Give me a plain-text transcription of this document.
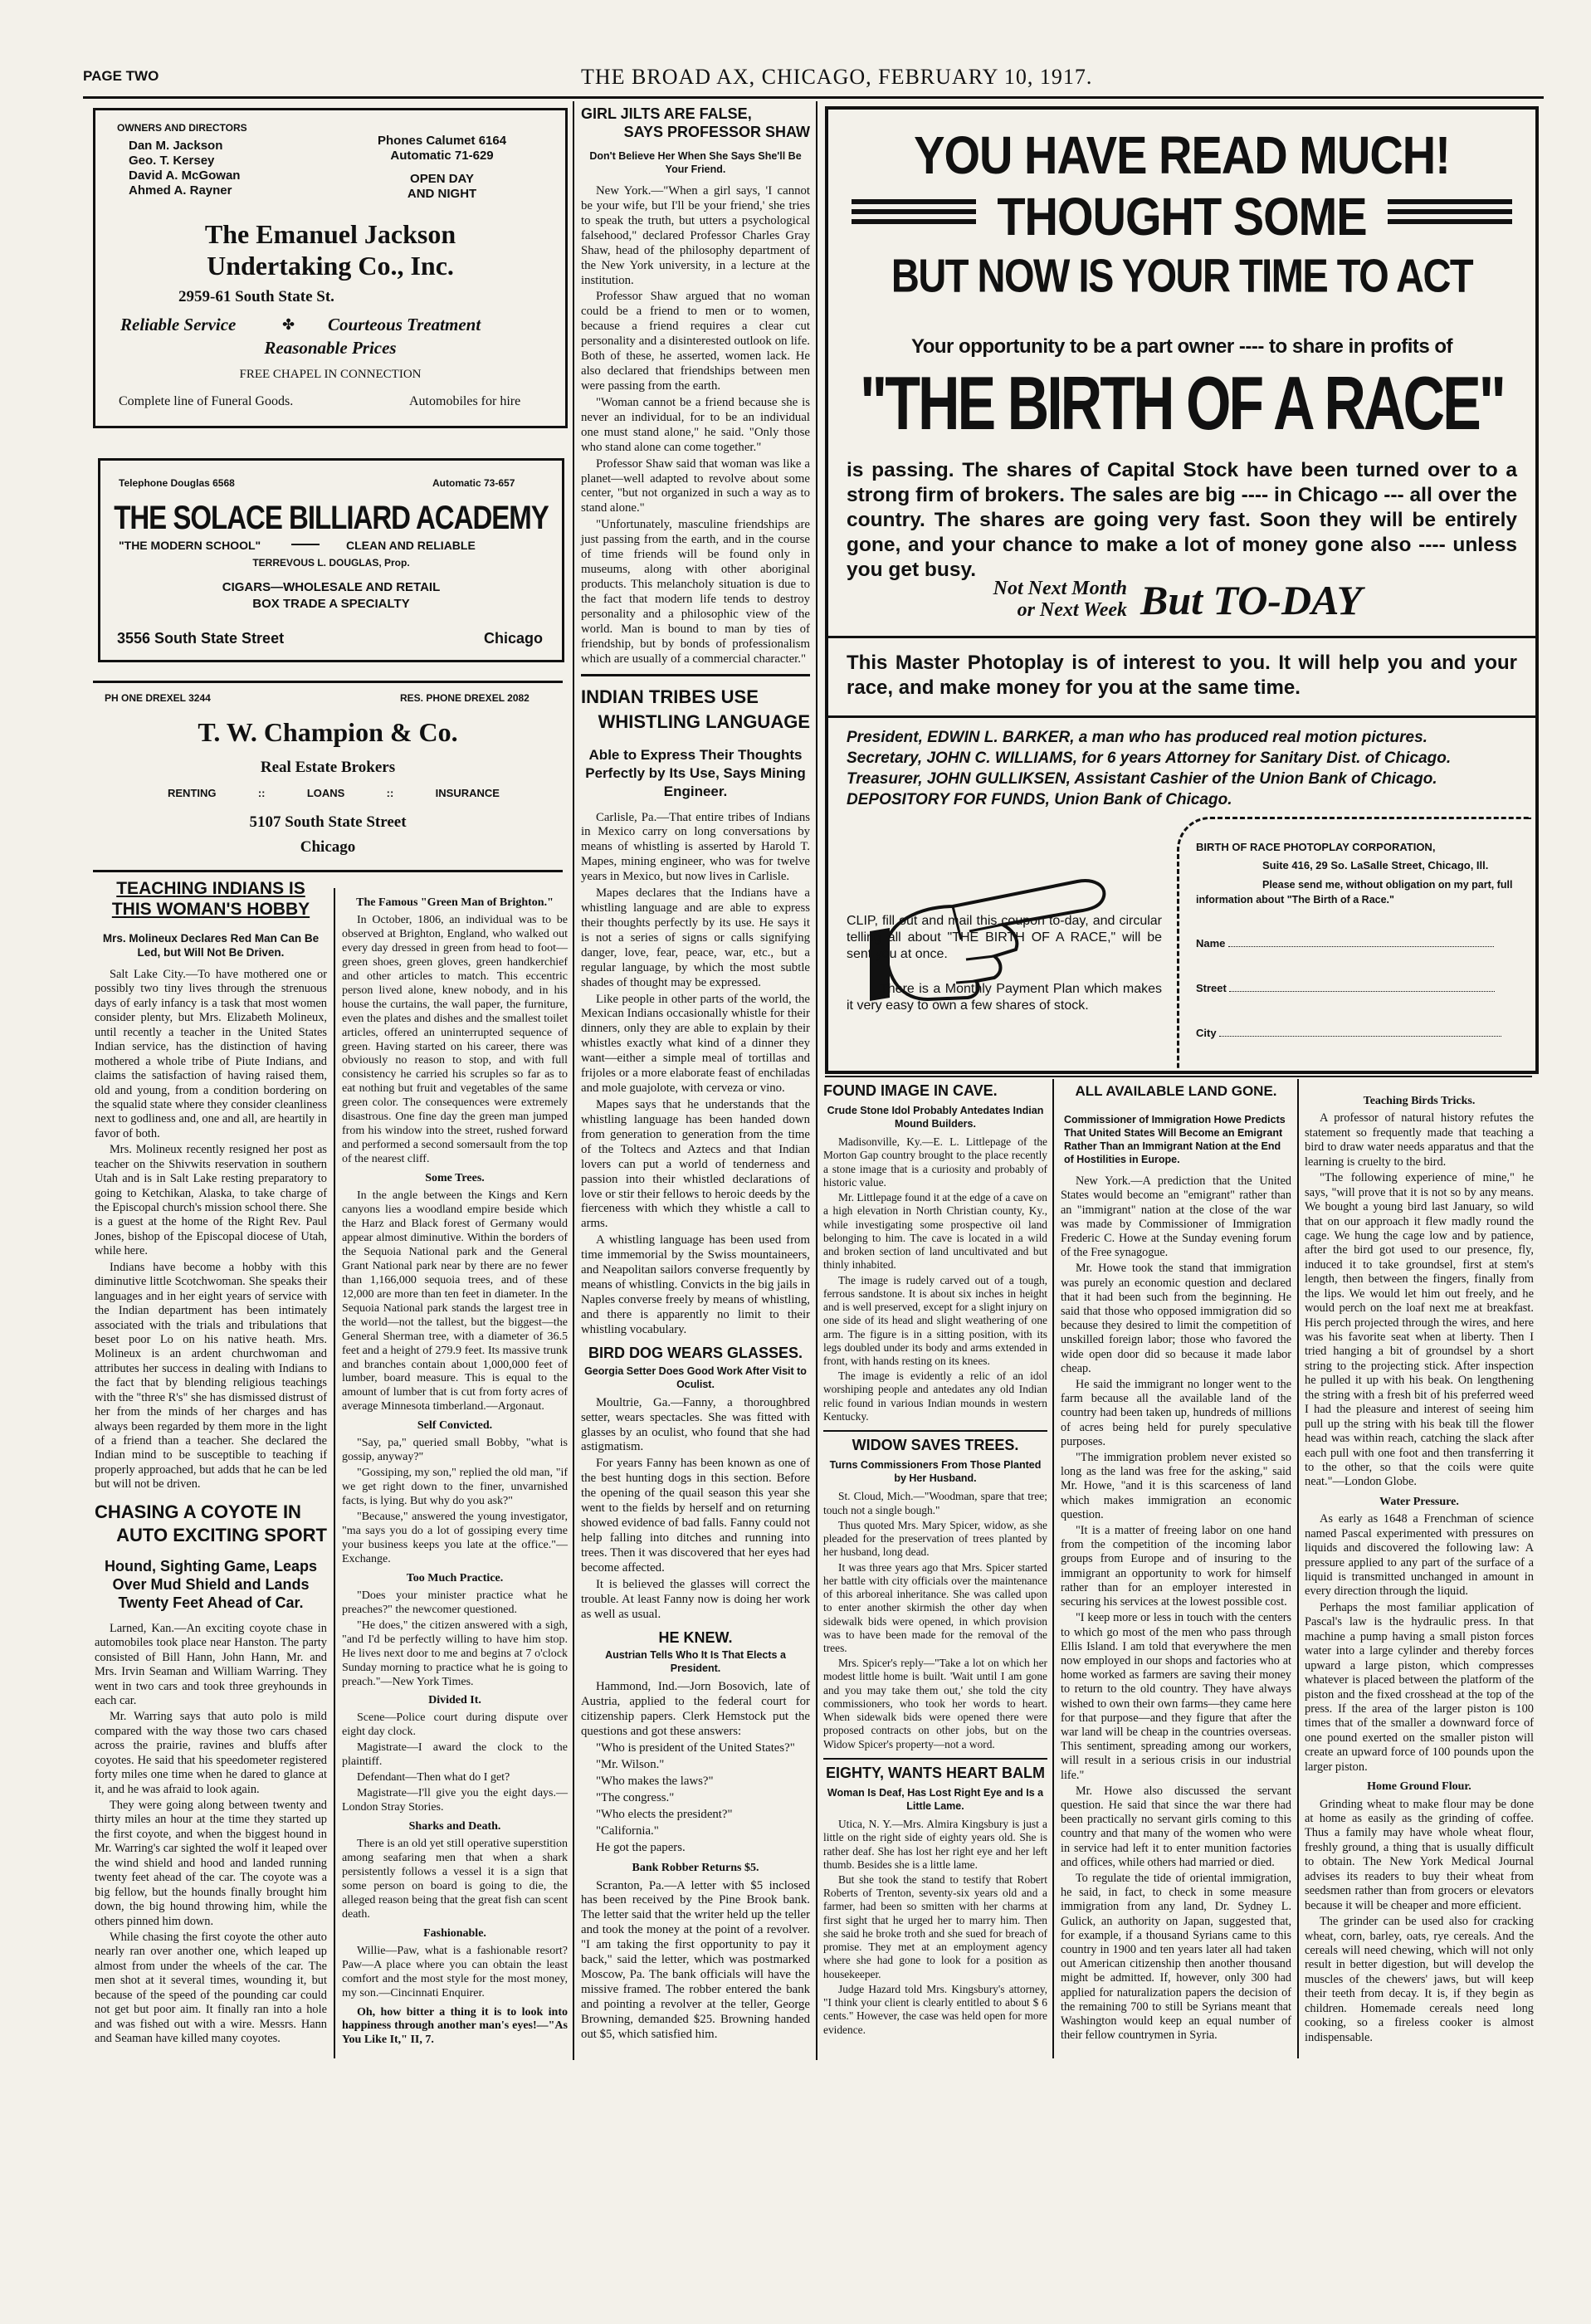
PAGE TWO	THE BROAD AX, CHICAGO, FEBRUARY 10, 1917.
OWNERS AND DIRECTORS
Dan M. Jackson
Geo. T. Kersey
David A. McGowan
Ahmed A. Rayner
Phones Calumet 6164
Automatic 71-629
OPEN DAY
AND NIGHT
The Emanuel Jackson
Undertaking Co., Inc.
2959-61 South State St.
Reliable Service	✤ Courteous Treatment
Reasonable Prices
FREE CHAPEL IN CONNECTION
Complete line of Funeral Goods.	Automobiles for hire
Telephone Douglas 6568	Automatic 73-657
THE SOLACE BILLIARD ACADEMY
"THE MODERN SCHOOL"	CLEAN AND RELIABLE
TERREVOUS L. DOUGLAS, Prop.
CIGARS—WHOLESALE AND RETAIL
BOX TRADE A SPECIALTY
3556 South State Street	Chicago
PH ONE DREXEL 3244	RES. PHONE DREXEL 2082
T. W. Champion & Co.
Real Estate Brokers
RENTING	::	LOANS	::	INSURANCE
5107 South State Street
Chicago
TEACHING INDIANS IS
THIS WOMAN'S HOBBY
Mrs. Molineux Declares Red Man Can Be Led, but Will Not Be Driven.

Salt Lake City.—To have mothered one or possibly two tiny lives through the strenuous days of early infancy is a task that most women consider plenty, but Mrs. Elizabeth Molineux, until recently a teacher in the United States Indian service, has the distinction of having mothered a whole tribe of Piute Indians, and claims the satisfaction of having raised them, old and young, from a condition bordering on the squalid state where they consider cleanliness next to godliness and, one and all, are heartily in favor of both.

Mrs. Molineux recently resigned her post as teacher on the Shivwits reservation in southern Utah and is in Salt Lake resting preparatory to going to Ketchikan, Alaska, to take charge of the Episcopal church's mission school there. She is a guest at the home of the Right Rev. Paul Jones, bishop of the Episcopal diocese of Utah, while here.

Indians have become a hobby with this diminutive little Scotchwoman. She speaks their languages and in her eight years of service with the Indian department has been intimately associated with the trials and tribulations that beset poor Lo on his native heath. Mrs. Molineux is an ardent churchwoman and attributes her success in dealing with Indians to the fact that by blending religious teachings with the "three R's" she has dismissed distrust of her from the minds of her charges and has always been regarded by them more in the light of a friend than a teacher. She declared the Indian mind to be susceptible to teaching if properly approached, but adds that he can be led but will not be driven.

CHASING A COYOTE IN
AUTO EXCITING SPORT
Hound, Sighting Game, Leaps Over Mud Shield and Lands Twenty Feet Ahead of Car.

Larned, Kan.—An exciting coyote chase in automobiles took place near Hanston. The party consisted of Bill Hann, John Hann, Mr. and Mrs. Irvin Seaman and William Warring. They went in two cars and took three greyhounds in each car.

Mr. Warring says that auto polo is mild compared with the way those two cars chased across the prairie, ravines and bluffs after coyotes. He said that his speedometer registered forty miles one time when he dared to glance at it, and he was afraid to look again.

They were going along between twenty and thirty miles an hour at the time they started up the first coyote, and when the biggest hound in Mr. Warring's car sighted the wolf it leaped over the wind shield and hood and landed running twenty feet ahead of the car. The coyote was a big fellow, but the hounds finally brought him down, the big hound throwing him, while the others pinned him down.

While chasing the first coyote the other auto nearly ran over another one, which leaped up almost from under the wheels of the car. The men shot at it several times, wounding it, but because of the speed of the pounding car could not get but poor aim. It finally ran into a hole and was fished out with a wire. Messrs. Hann and Seaman have killed many coyotes.

The Famous "Green Man of Brighton."

In October, 1806, an individual was to be observed at Brighton, England, who walked out every day dressed in green from head to foot—green shoes, green gloves, green handkerchief and other articles to match. This eccentric person lived alone, knew nobody, and in his house the curtains, the wall paper, the furniture, even the plates and dishes and the smallest toilet articles, offered an uninterrupted sequence of green. Having started on his career, there was obviously no reason to stop, and with full consistency he carried his scruples so far as to eat nothing but fruit and vegetables of the same green color. The consequences were extremely disastrous. One fine day the green man jumped from his window into the street, rushed forward and performed a second somersault from the top of the nearest cliff.

Some Trees.

In the angle between the Kings and Kern canyons lies a woodland empire beside which the Harz and Black forest of Germany would appear almost diminutive. Within the borders of the Sequoia National park and the General Grant National park near by there are no fewer than 1,166,000 sequoia trees, and of these 12,000 are more than ten feet in diameter. In the Sequoia National park stands the largest tree in the world—not the tallest, but the biggest—the General Sherman tree, with a diameter of 36.5 feet and a height of 279.9 feet. Its massive trunk and branches contain about 1,000,000 feet of lumber, board measure. This is equal to the amount of lumber that is cut from forty acres of average Minnesota timberland.—Argonaut.

Self Convicted.

"Say, pa," queried small Bobby, "what is gossip, anyway?"

"Gossiping, my son," replied the old man, "if we get right down to the finer, unvarnished facts, is lying. But why do you ask?"

"Because," answered the young investigator, "ma says you do a lot of gossiping every time your business keeps you late at the office."—Exchange.

Too Much Practice.

"Does your minister practice what he preaches?" the newcomer questioned.

"He does," the citizen answered with a sigh, "and I'd be perfectly willing to have him stop. He lives next door to me and begins at 7 o'clock Sunday morning to practice what he is going to preach."—New York Times.

Divided It.

Scene—Police court during dispute over eight day clock.

Magistrate—I award the clock to the plaintiff.

Defendant—Then what do I get?

Magistrate—I'll give you the eight days.—London Stray Stories.

Sharks and Death.

There is an old yet still operative superstition among seafaring men that when a shark persistently follows a vessel it is a sign that some person on board is going to die, the alleged reason being that the great fish can scent death.

Fashionable.

Willie—Paw, what is a fashionable resort? Paw—A place where you can obtain the least comfort and the most style for the most money, my son.—Cincinnati Enquirer.

Oh, how bitter a thing it is to look into happiness through another man's eyes!—"As You Like It," II, 7.

GIRL JILTS ARE FALSE,
SAYS PROFESSOR SHAW
Don't Believe Her When She Says She'll Be Your Friend.

New York.—"When a girl says, 'I cannot be your wife, but I'll be your friend,' she tries to speak the truth, but utters a psychological falsehood," declared Professor Charles Gray Shaw, head of the philosophy department of the New York university, in a lecture at the institution.

Professor Shaw argued that no woman could be a friend to men or to women, because a friend requires a clear cut personality and a disinterested outlook on life. Both of these, he asserted, women lack. He also declared that friendships between men were passing from the earth.

"Woman cannot be a friend because she is never an individual, for to be an individual one must stand alone," he said. "Only those who stand alone can come together."

Professor Shaw said that woman was like a planet—well adapted to revolve about some center, "but not organized in such a way as to stand alone."

"Unfortunately, masculine friendships are just passing from the earth, and in the course of time friends will be found only in museums, along with other aboriginal products. This melancholy situation is due to the fact that modern life tends to destroy personality and a philosophic view of the world. Man is bound to man by ties of friendship, but by bonds of professionalism which are usually of a commercial character."

INDIAN TRIBES USE
WHISTLING LANGUAGE
Able to Express Their Thoughts Perfectly by Its Use, Says Mining Engineer.

Carlisle, Pa.—That entire tribes of Indians in Mexico carry on long conversations by means of whistling is asserted by Harold T. Mapes, mining engineer, who was for twelve years in Mexico, but now lives in Carlisle.

Mapes declares that the Indians have a whistling language and are able to express their thoughts perfectly by its use. He says it is not a series of signs or calls signifying danger, love, fear, peace, war, etc., but a regular language, by which the most subtle shades of thought may be expressed.

Like people in other parts of the world, the Mexican Indians occasionally whistle for their dinners, only they are able to explain by their whistles exactly what kind of a dinner they want—either a simple meal of tortillas and frijoles or a more elaborate feast of enchiladas and mole guajolote, with cerveza or vino.

Mapes says that he understands that the whistling language has been handed down from generation to generation from the time of the Toltecs and Aztecs and that Indian lovers can put a world of tenderness and passion into their whistled declarations of love or stir their fellows to heroic deeds by the fierceness with which they whistle a call to arms.

A whistling language has been used from time immemorial by the Swiss mountaineers, and Neapolitan sailors converse frequently by means of whistling. Convicts in the big jails in Naples converse freely by means of whistling, and there is apparently no limit to their whistling vocabulary.

BIRD DOG WEARS GLASSES.
Georgia Setter Does Good Work After Visit to Oculist.

Moultrie, Ga.—Fanny, a thoroughbred setter, wears spectacles. She was fitted with glasses by an oculist, who found that she had astigmatism.

For years Fanny has been known as one of the best hunting dogs in this section. Before the opening of the quail season this year she went to the fields by herself and on returning showed evidence of bad falls. Fanny could not help falling into ditches and running into trees. Then it was discovered that her eyes had become affected.

It is believed the glasses will correct the trouble. At least Fanny now is doing her work as well as usual.

HE KNEW.
Austrian Tells Who It Is That Elects a President.

Hammond, Ind.—Jorn Bosovich, late of Austria, applied to the federal court for citizenship papers. Clerk Hemstock put the questions and got these answers:

"Who is president of the United States?"

"Mr. Wilson."

"Who makes the laws?"

"The congress."

"Who elects the president?"

"California."

He got the papers.

Bank Robber Returns $5.

Scranton, Pa.—A letter with $5 inclosed has been received by the Pine Brook bank. The letter said that the writer held up the teller and took the money at the point of a revolver. "I am taking the first opportunity to pay it back," said the letter, which was postmarked Moscow, Pa. The bank officials will have the missive framed. The robber entered the bank and pointing a revolver at the teller, George Browning, demanded $25. Browning handed out $5, which satisfied him.

YOU HAVE READ MUCH!
THOUGHT SOME
BUT NOW IS YOUR TIME TO ACT
Your opportunity to be a part owner ---- to share in profits of
"THE BIRTH OF A RACE"
is passing. The shares of Capital Stock have been turned over to a strong firm of brokers. The sales are big ---- in Chicago --- all over the country. The shares are going very fast. Soon they will be entirely gone, and your chance to make a lot of money gone also ---- unless you get busy.
Not Next Month
or Next Week But TO-DAY
This Master Photoplay is of interest to you. It will help you and your race, and make money for you at the same time.
President, EDWIN L. BARKER, a man who has produced real motion pictures.
Secretary, JOHN C. WILLIAMS, for 6 years Attorney for Sanitary Dist. of Chicago.
Treasurer, JOHN GULLIKSEN, Assistant Cashier of the Union Bank of Chicago.
DEPOSITORY FOR FUNDS, Union Bank of Chicago.
CLIP, fill out and mail this coupon to-day, and circular telling all about "THE BIRTH OF A RACE," will be sent you at once.
There is a Monthly Payment Plan which makes it very easy to own a few shares of stock.
BIRTH OF RACE PHOTOPLAY CORPORATION,
Suite 416, 29 So. LaSalle Street, Chicago, Ill.
Please send me, without obligation on my part, full information about "The Birth of a Race."
Name
Street
City
FOUND IMAGE IN CAVE.
Crude Stone Idol Probably Antedates Indian Mound Builders.

Madisonville, Ky.—E. L. Littlepage of the Morton Gap country brought to the place recently a stone image that is a curiosity and probably of historic value.

Mr. Littlepage found it at the edge of a cave on a high elevation in North Christian county, Ky., while investigating some prospective oil land belonging to him. The cave is located in a wild and broken section of land uncultivated and but thinly inhabited.

The image is rudely carved out of a tough, ferrous sandstone. It is about six inches in height and is well preserved, except for a slight injury on one side of its head and slight weathering of one arm. The figure is in a sitting position, with its legs doubled under its body and arms extended in front, with hands resting on its knees.

The image is evidently a relic of an idol worshiping people and antedates any old Indian relic found in various Indian mounds in western Kentucky.

WIDOW SAVES TREES.
Turns Commissioners From Those Planted by Her Husband.

St. Cloud, Mich.—"Woodman, spare that tree; touch not a single bough."

Thus quoted Mrs. Mary Spicer, widow, as she pleaded for the preservation of trees planted by her husband, long dead.

It was three years ago that Mrs. Spicer started her battle with city officials over the maintenance of this arboreal inheritance. She was called upon to enter another skirmish the other day when sidewalk bids were opened, in which provision was to have been made for the removal of the trees.

Mrs. Spicer's reply—"Take a lot on which her modest little home is built. 'Wait until I am gone and you may take them out,' she told the city commissioners, who took her words to heart. When sidewalk bids were opened there were proposed contracts on other jobs, but on the Widow Spicer's property—not a word.

EIGHTY, WANTS HEART BALM
Woman Is Deaf, Has Lost Right Eye and Is a Little Lame.

Utica, N. Y.—Mrs. Almira Kingsbury is just a little on the right side of eighty years old. She is rather deaf. She has lost her right eye and her left thumb. Besides she is a little lame.

But she took the stand to testify that Robert Roberts of Trenton, seventy-six years old and a farmer, had been so smitten with her charms at first sight that he urged her to marry him. Then she said he broke troth and she sued for breach of promise. They met at an employment agency where she had gone to look for a position as housekeeper.

Judge Hazard told Mrs. Kingsbury's attorney, "I think your client is clearly entitled to about $ 6 cents." However, the case was held open for more evidence.

ALL AVAILABLE LAND GONE.
Commissioner of Immigration Howe Predicts That United States Will Become an Emigrant Rather Than an Immigrant Nation at the End of Hostilities in Europe.

New York.—A prediction that the United States would become an "emigrant" rather than an "immigrant" nation at the close of the war was made by Commissioner of Immigration Frederic C. Howe at the Sunday evening forum of the Free synagogue.

Mr. Howe took the stand that immigration was purely an economic question and declared that it had been such from the beginning. He said that those who opposed immigration did so because they desired to limit the competition of unskilled foreign labor; those who favored the wide open door did so because it made labor cheap.

He said the immigrant no longer went to the farm because all the available land of the country had been taken up, hundreds of millions of acres being held for purely speculative purposes.

"The immigration problem never existed so long as the land was free for the asking," said Mr. Howe, "and it is this scarceness of land which makes immigration an economic question.

"It is a matter of freeing labor on one hand from the competition of the incoming labor groups from Europe and of insuring to the immigrant an opportunity to work for himself rather than for an employer interested in securing his services at the lowest possible cost.

"I keep more or less in touch with the centers to which go most of the men who pass through Ellis Island. I am told that everywhere the men now employed in our shops and factories who at home worked as farmers are saving their money to return to the old country. They have always wished to own their own farms—they came here for that purpose—and they figure that after the war land will be cheap in the countries overseas. This sentiment, spreading among our workers, will result in a serious crisis in our industrial life."

Mr. Howe also discussed the servant question. He said that since the war there had been practically no servant girls coming to this country and that many of the women who were in service had left it to enter munition factories and offices, while others had married or died.

To regulate the tide of oriental immigration, he said, in fact, to check in some measure immigration from any land, Dr. Sydney L. Gulick, an authority on Japan, suggested that, for example, if a thousand Syrians came to this country in 1900 and ten years later all had taken out American citizenship then another thousand might be admitted. If, however, only 300 had applied for naturalization papers the decision of the remaining 700 to still be Syrians meant that Washington would keep an equal number of their fellow countrymen in Syria.

Teaching Birds Tricks.

A professor of natural history refutes the statement so frequently made that teaching a bird to draw water needs apparatus and that the learning is cruelty to the bird.

"The following experience of mine," he says, "will prove that it is not so by any means. We bought a young bird last January, so wild that on our approach it flew madly round the cage. We hung the cage low and by patience, after the bird got used to our presence, fly, induced it to take groundsel, first at stem's length, then between the fingers, finally from the lips. We would let him out freely, and he would perch on the loaf next me at breakfast. His perch projected through the wires, and here was his favorite seat when at liberty. Then I tried hanging a bit of groundsel by a short string to the projecting stick. After inspection he pulled it up with his beak. On lengthening the string with a fresh bit of his preferred weed I had the pleasure and interest of seeing him pull up the string with his beak till the flower head was within reach, catching the slack after each pull with one foot and then transferring it to the other, so that the coils were quite neat."—London Globe.

Water Pressure.

As early as 1648 a Frenchman of science named Pascal experimented with pressures on liquids and discovered the following law: A pressure applied to any part of the surface of a liquid is transmitted unchanged in amount in every direction through the liquid.

Perhaps the most familiar application of Pascal's law is the hydraulic press. In that machine a pump having a small piston forces water into a large cylinder and thereby forces upward a large piston, which compresses whatever is placed between the platform of the piston and the fixed crosshead at the top of the press. If the area of the larger piston is 100 times that of the smaller a downward force of one pound exerted on the smaller piston will create an upward force of 100 pounds upon the larger piston.

Home Ground Flour.

Grinding wheat to make flour may be done at home as easily as the grinding of coffee. Thus a family may have whole wheat flour, freshly ground, a thing that is usually difficult to obtain. The New York Medical Journal advises its readers to buy their wheat from seedsmen rather than from grocers or elevators because it will be cheaper and more efficient.

The grinder can be used also for cracking wheat, corn, barley, oats, rye cereals. And the cereals will need chewing, which will not only result in better digestion, but will develop the muscles of the chewers' jaws, but will keep their teeth from decay. It is, if they begin as children. Homemade cereals need long cooking, so a fireless cooker is almost indispensable.
